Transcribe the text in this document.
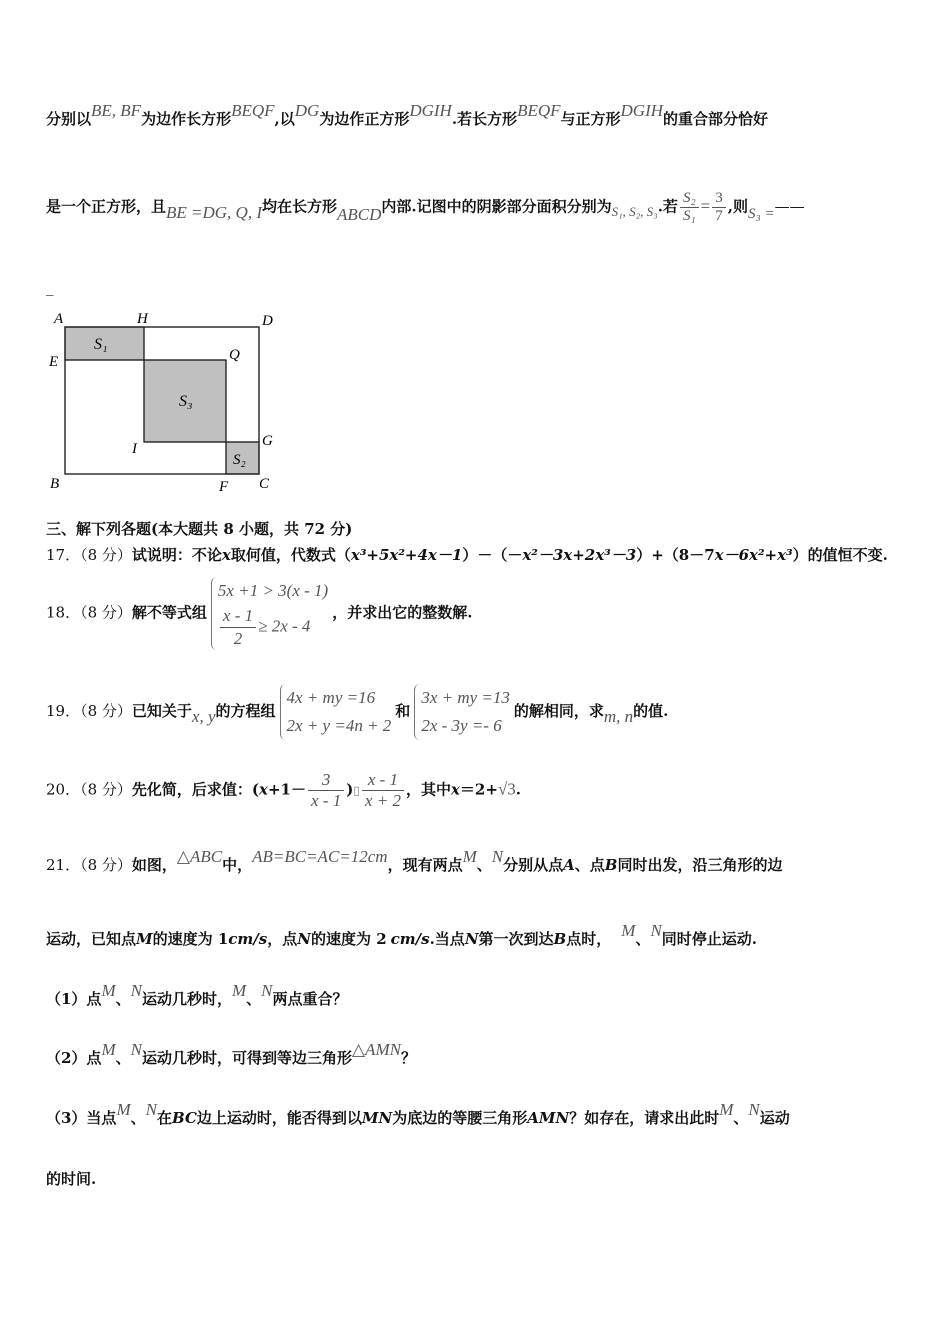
分别以BE, BF为边作长方形BEQF,以DG为边作正方形DGIH.若长方形BEQF与正方形DGIH的重合部分恰好
是一个正方形，且BE =DG, Q, I均在长方形ABCD内部.记图中的阴影部分面积分别为S₁, S₂, S₃.若 $\frac{\text{S₂}}{\text{S₁}} = \frac{3}{7}$ ,则S₃ =——
_
A	H	D
E	Q
I	G
B	F C
S₁
S₃
S₂
三、解下列各题(本大题共 8 小题，共 72 分)
17．（8 分）试说明：不论x取何值，代数式（x³+5x²+4x－1）－（－x²－3x+2x³－3）+（8－7x－6x²+x³）的值恒不变.
18．（8 分）解不等式组
5x +1 > 3(x - 1)
$\frac{x - 1}{2} \ge 2x - 4$
，并求出它的整数解.
19．（8 分）已知关于x, y的方程组
4x + my =16
2x + y =4n + 2
和
3x + my =13
2x - 3y =- 6
的解相同，求m, n的值.
20．（8 分）先化简，后求值：($x+1- \frac{3}{x - 1}$ )▯ $\frac{x - 1}{x + 2}$ ，其中x＝2+√3.
21．（8 分）如图，△ABC中，AB=BC=AC=12cm，现有两点M、N分别从点A、点B同时出发，沿三角形的边
运动，已知点M的速度为 1cm/s，点N的速度为 2 cm/s.当点N第一次到达B点时， M、N同时停止运动.
（1）点M、N运动几秒时，M、N两点重合？
（2）点M、N运动几秒时，可得到等边三角形△AMN？
（3）当点M、N在BC边上运动时，能否得到以MN为底边的等腰三角形AMN？如存在，请求出此时M、N运动
的时间.
